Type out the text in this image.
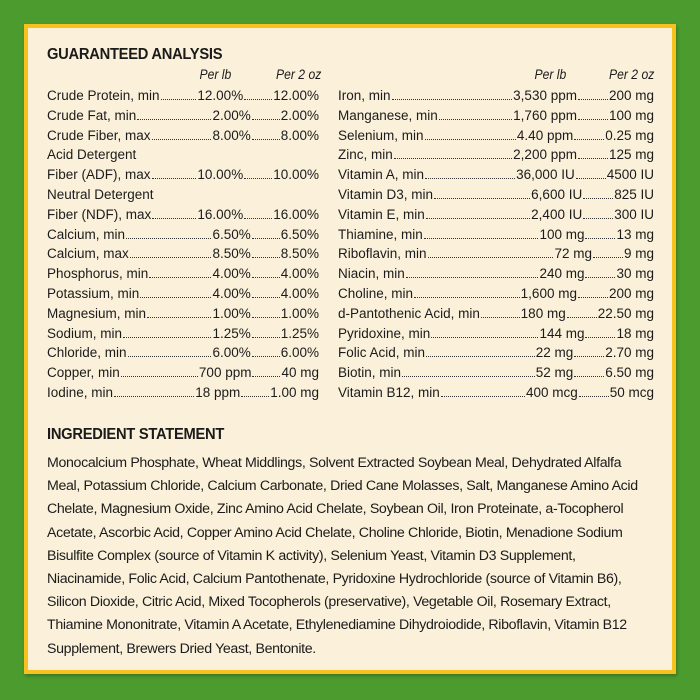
GUARANTEED ANALYSIS
Per lb	Per 2 oz	Per lb	Per 2 oz
Crude Protein, min	12.00% 12.00%
Crude Fat, min	2.00% 2.00%
Crude Fiber, max	8.00% 8.00%
Acid Detergent
Fiber (ADF), max	10.00% 10.00%
Neutral Detergent
Fiber (NDF), max	16.00% 16.00%
Calcium, min	6.50% 6.50%
Calcium, max	8.50% 8.50%
Phosphorus, min	4.00% 4.00%
Potassium, min	4.00% 4.00%
Magnesium, min	1.00% 1.00%
Sodium, min	1.25% 1.25%
Chloride, min	6.00% 6.00%
Copper, min	700 ppm 40 mg
Iodine, min	18 ppm 1.00 mg
Iron, min	3,530 ppm 200 mg
Manganese, min	1,760 ppm 100 mg
Selenium, min	4.40 ppm 0.25 mg
Zinc, min	2,200 ppm 125 mg
Vitamin A, min	36,000 IU 4500 IU
Vitamin D3, min	6,600 IU 825 IU
Vitamin E, min	2,400 IU 300 IU
Thiamine, min	100 mg 13 mg
Riboflavin, min	72 mg 9 mg
Niacin, min	240 mg 30 mg
Choline, min	1,600 mg 200 mg
d-Pantothenic Acid, min	180 mg 22.50 mg
Pyridoxine, min	144 mg 18 mg
Folic Acid, min	22 mg 2.70 mg
Biotin, min	52 mg 6.50 mg
Vitamin B12, min	400 mcg 50 mcg
INGREDIENT STATEMENT
Monocalcium Phosphate, Wheat Middlings, Solvent Extracted Soybean Meal, Dehydrated Alfalfa
Meal, Potassium Chloride, Calcium Carbonate, Dried Cane Molasses, Salt, Manganese Amino Acid
Chelate, Magnesium Oxide, Zinc Amino Acid Chelate, Soybean Oil, Iron Proteinate, a-Tocopherol
Acetate, Ascorbic Acid, Copper Amino Acid Chelate, Choline Chloride, Biotin, Menadione Sodium
Bisulfite Complex (source of Vitamin K activity), Selenium Yeast, Vitamin D3 Supplement,
Niacinamide, Folic Acid, Calcium Pantothenate, Pyridoxine Hydrochloride (source of Vitamin B6),
Silicon Dioxide, Citric Acid, Mixed Tocopherols (preservative), Vegetable Oil, Rosemary Extract,
Thiamine Mononitrate, Vitamin A Acetate, Ethylenediamine Dihydroiodide, Riboflavin, Vitamin B12
Supplement, Brewers Dried Yeast, Bentonite.
